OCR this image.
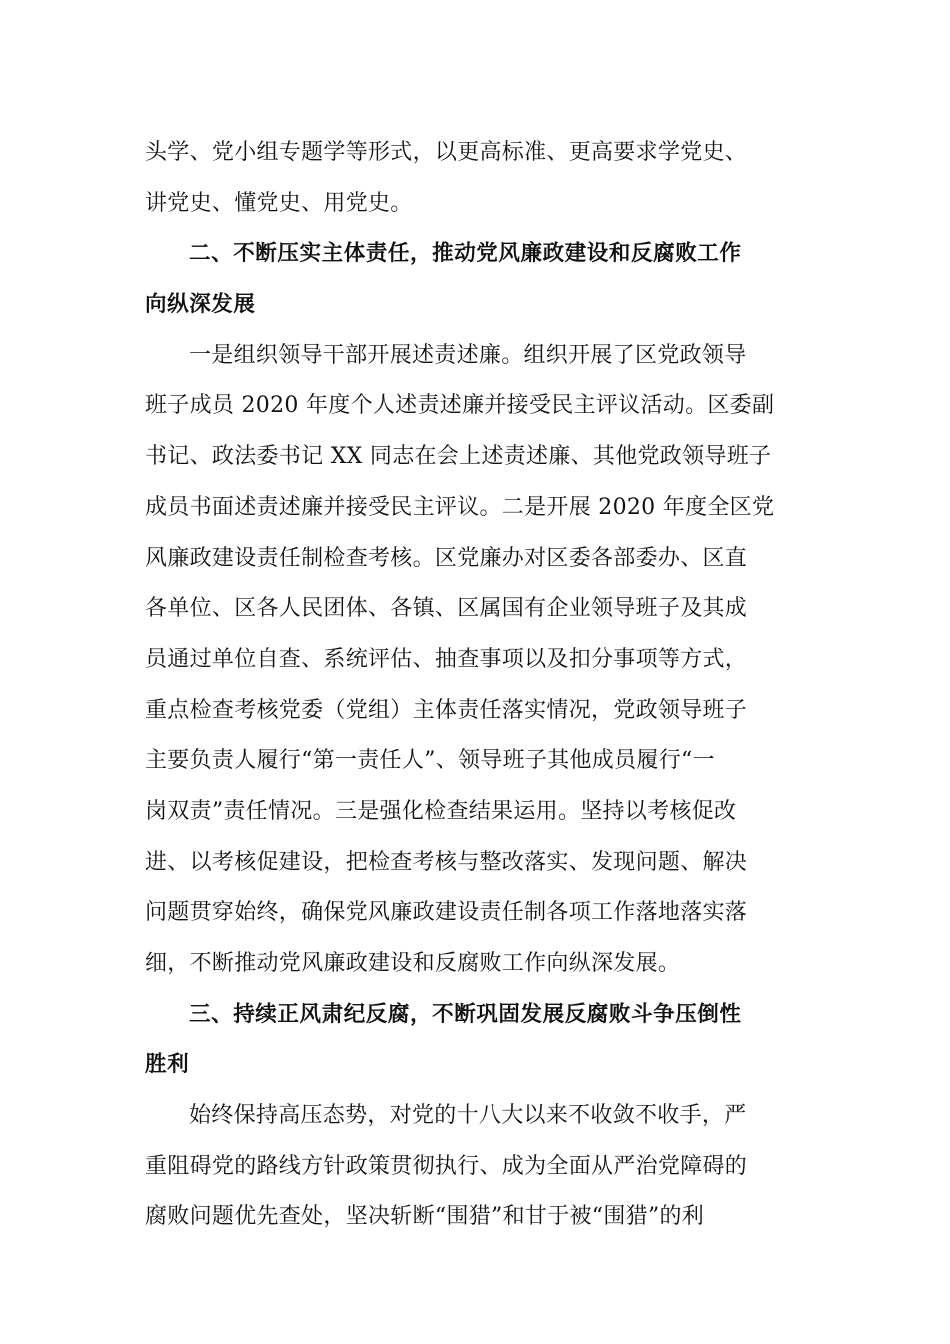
头学、党小组专题学等形式，以更高标准、更高要求学党史、
讲党史、懂党史、用党史。
二、不断压实主体责任，推动党风廉政建设和反腐败工作
向纵深发展
一是组织领导干部开展述责述廉。组织开展了区党政领导
班子成员 2020 年度个人述责述廉并接受民主评议活动。区委副
书记、政法委书记 XX 同志在会上述责述廉、其他党政领导班子
成员书面述责述廉并接受民主评议。二是开展 2020 年度全区党
风廉政建设责任制检查考核。区党廉办对区委各部委办、区直
各单位、区各人民团体、各镇、区属国有企业领导班子及其成
员通过单位自查、系统评估、抽查事项以及扣分事项等方式，
重点检查考核党委（党组）主体责任落实情况，党政领导班子
主要负责人履行“第一责任人”、领导班子其他成员履行“一
岗双责”责任情况。三是强化检查结果运用。坚持以考核促改
进、以考核促建设，把检查考核与整改落实、发现问题、解决
问题贯穿始终，确保党风廉政建设责任制各项工作落地落实落
细，不断推动党风廉政建设和反腐败工作向纵深发展。
三、持续正风肃纪反腐，不断巩固发展反腐败斗争压倒性
胜利
始终保持高压态势，对党的十八大以来不收敛不收手，严
重阻碍党的路线方针政策贯彻执行、成为全面从严治党障碍的
腐败问题优先查处，坚决斩断“围猎”和甘于被“围猎”的利
